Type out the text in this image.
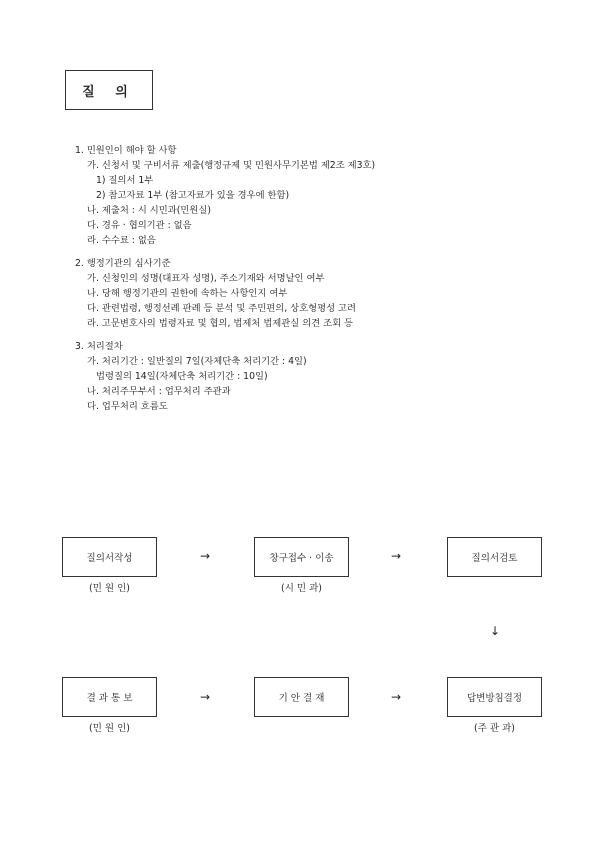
질 의
1. 민원인이 해야 할 사항
가. 신청서 및 구비서류 제출(행정규제 및 민원사무기본법 제2조 제3호)
1) 질의서 1부
2) 참고자료 1부 (참고자료가 있을 경우에 한함)
나. 제출처 : 시 시민과(민원실)
다. 경유 · 협의기관 : 없음
라. 수수료 : 없음
2. 행정기관의 심사기준
가. 신청인의 성명(대표자 성명), 주소기재와 서명날인 여부
나. 당해 행정기관의 권한에 속하는 사항인지 여부
다. 관련법령, 행정선례 판례 등 분석 및 주민편의, 상호형평성 고려
라. 고문변호사의 법령자료 및 협의, 법제처 법제관실 의견 조회 등
3. 처리절차
가. 처리기간 : 일반질의 7일(자체단축 처리기간 : 4일)
법령질의 14일(자체단축 처리기간 : 10일)
나. 처리주무부서 : 업무처리 주관과
다. 업무처리 흐름도
질의서작성
(민 원 인)
→	창구접수 · 이송
(시 민 과)
→	질의서검토
↓
결 과 통 보
(민 원 인)
→	기 안 결 재	→	답변방침결정
(주 관 과)
